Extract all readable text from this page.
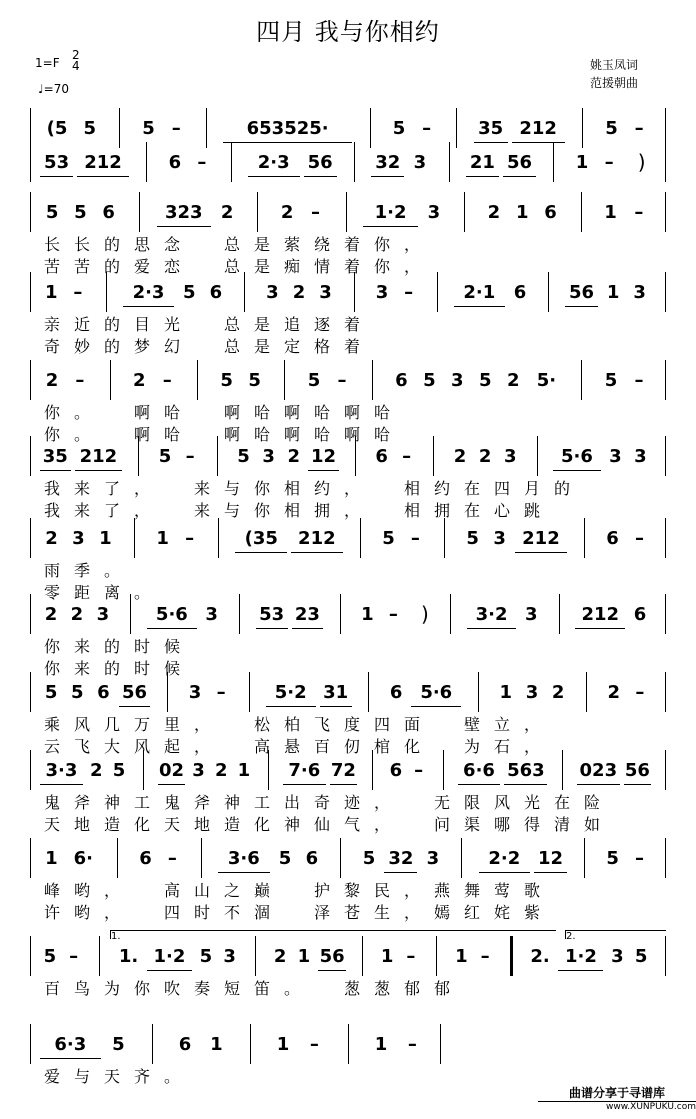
四月 我与你相约
1=F
2
4
♩=70
姚玉凤词
范援朝曲
(5 5	5 –	653525·	5 –	35 212	5 –
53 212	6 –	2·3 56	32 3	21 56	1 –	)
5 5 6	323	2	2 –	1·2	3	2 1 6	1 –
长 长 的 思 念	总 是 萦 绕 着 你 ，
苦 苦 的 爱 恋	总 是 痴 情 着 你 ，
1 –	2·3	5 6	3 2 3	3 –	2·1	6	56 1 3
亲 近 的 目 光	总 是 追 逐 着
奇 妙 的 梦 幻	总 是 定 格 着
2 –	2 –	5 5	5 –	6 5 3 5 2 5·	5 –
你 。	啊 哈	啊 哈 啊 哈 啊 哈
你 。	啊 哈	啊 哈 啊 哈 啊 哈
35 212	5 –	5 3 2 12	6 –	2 2 3	5·6 3 3
我 来 了 ，	来 与 你 相 约 ，	相 约 在 四 月 的
我 来 了 ，	来 与 你 相 拥 ，	相 拥 在 心 跳
2 3 1	1 –	(35	212	5 –	5 3 212	6 –
雨 季 。
零 距 离 。
2 2 3	5·6 3	53 23	1 –	)	3·2 3	212 6
你 来 的 时 候
你 来 的 时 候
5 5 6 56	3 –	5·2 31	6 5·6	1 3 2	2 –
乘 风 几 万 里 ，	松 柏 飞 度 四 面	壁 立 ，
云 飞 大 风 起 ，	高 悬 百 仞 棺 化	为 石 ，
3·3 2 5 02 3 2 1	7·6 72 6 –	6·6 563 023 56
鬼 斧 神 工 鬼 斧 神 工 出 奇 迹 ，	无 限 风 光 在 险
天 地 造 化 天 地 造 化 神 仙 气 ，	问 渠 哪 得 清 如
1 6·	6 –	3·6	5 6	5 32 3	2·2 12	5 –
峰 哟 ，	高 山 之 巅	护 黎 民 ， 燕 舞 莺 歌
许 哟 ，	四 时 不 涸	泽 苍 生 ， 嫣 红 姹 紫
5 –	1. 1·2 5 3	2 1 56	1 –	1 –	2. 1·2 3 5
百 鸟 为 你 吹 奏 短 笛 。	葱 葱 郁 郁
6·3	5	6	1	1	–	1	–
爱 与 天 齐 。
1.	2.
曲谱分享于寻谱库
www.XUNPUKU.com
